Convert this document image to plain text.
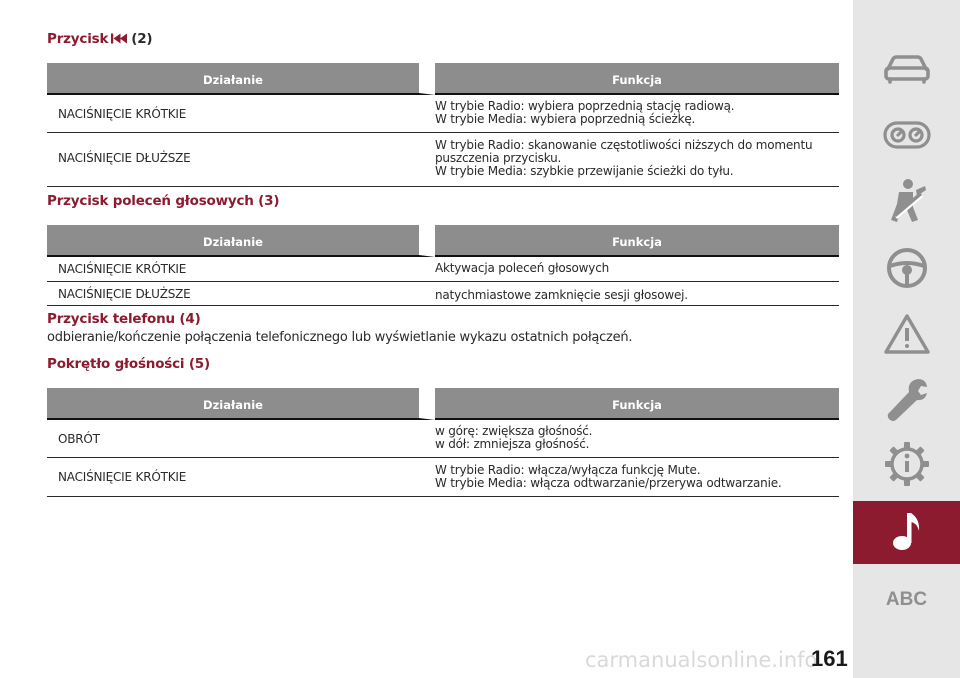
Przycisk (2)
Działanie	Funkcja
NACIŚNIĘCIE KRÓTKIE	W trybie Radio: wybiera poprzednią stację radiową.
W trybie Media: wybiera poprzednią ścieżkę.

NACIŚNIĘCIE DŁUŻSZE	W trybie Radio: skanowanie częstotliwości niższych do momentu
puszczenia przycisku.
W trybie Media: szybkie przewijanie ścieżki do tyłu.
Przycisk poleceń głosowych (3)
Działanie	Funkcja
NACIŚNIĘCIE KRÓTKIE	Aktywacja poleceń głosowych

NACIŚNIĘCIE DŁUŻSZE	natychmiastowe zamknięcie sesji głosowej.
Przycisk telefonu (4)
odbieranie/kończenie połączenia telefonicznego lub wyświetlanie wykazu ostatnich połączeń.
Pokrętło głośności (5)
Działanie	Funkcja
OBRÓT	w górę: zwiększa głośność.
w dół: zmniejsza głośność.

NACIŚNIĘCIE KRÓTKIE	W trybie Radio: włącza/wyłącza funkcję Mute.
W trybie Media: włącza odtwarzanie/przerywa odtwarzanie.
ABC
carmanualsonline.info
161
